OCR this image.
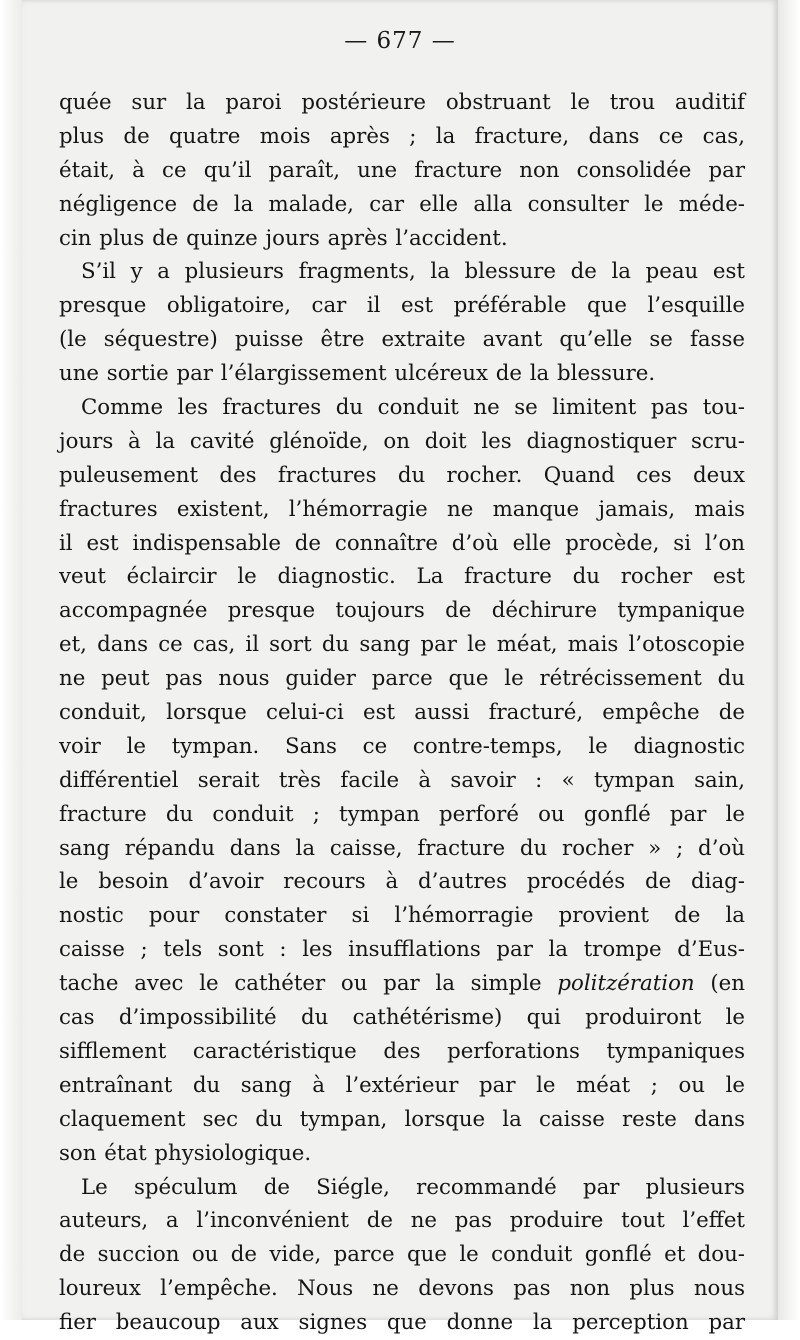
— 677 —
quée sur la paroi postérieure obstruant le trou auditif
plus de quatre mois après ; la fracture, dans ce cas,
était, à ce qu’il paraît, une fracture non consolidée par
négligence de la malade, car elle alla consulter le méde-
cin plus de quinze jours après l’accident.
S’il y a plusieurs fragments, la blessure de la peau est
presque obligatoire, car il est préférable que l’esquille
(le séquestre) puisse être extraite avant qu’elle se fasse
une sortie par l’élargissement ulcéreux de la blessure.
Comme les fractures du conduit ne se limitent pas tou-
jours à la cavité glénoïde, on doit les diagnostiquer scru-
puleusement des fractures du rocher. Quand ces deux
fractures existent, l’hémorragie ne manque jamais, mais
il est indispensable de connaître d’où elle procède, si l’on
veut éclaircir le diagnostic. La fracture du rocher est
accompagnée presque toujours de déchirure tympanique
et, dans ce cas, il sort du sang par le méat, mais l’otoscopie
ne peut pas nous guider parce que le rétrécissement du
conduit, lorsque celui-ci est aussi fracturé, empêche de
voir le tympan. Sans ce contre-temps, le diagnostic
différentiel serait très facile à savoir : « tympan sain,
fracture du conduit ; tympan perforé ou gonflé par le
sang répandu dans la caisse, fracture du rocher » ; d’où
le besoin d’avoir recours à d’autres procédés de diag-
nostic pour constater si l’hémorragie provient de la
caisse ; tels sont : les insufflations par la trompe d’Eus-
tache avec le cathéter ou par la simple politzération (en
cas d’impossibilité du cathétérisme) qui produiront le
sifflement caractéristique des perforations tympaniques
entraînant du sang à l’extérieur par le méat ; ou le
claquement sec du tympan, lorsque la caisse reste dans
son état physiologique.
Le spéculum de Siégle, recommandé par plusieurs
auteurs, a l’inconvénient de ne pas produire tout l’effet
de succion ou de vide, parce que le conduit gonflé et dou-
loureux l’empêche. Nous ne devons pas non plus nous
fier beaucoup aux signes que donne la perception par
